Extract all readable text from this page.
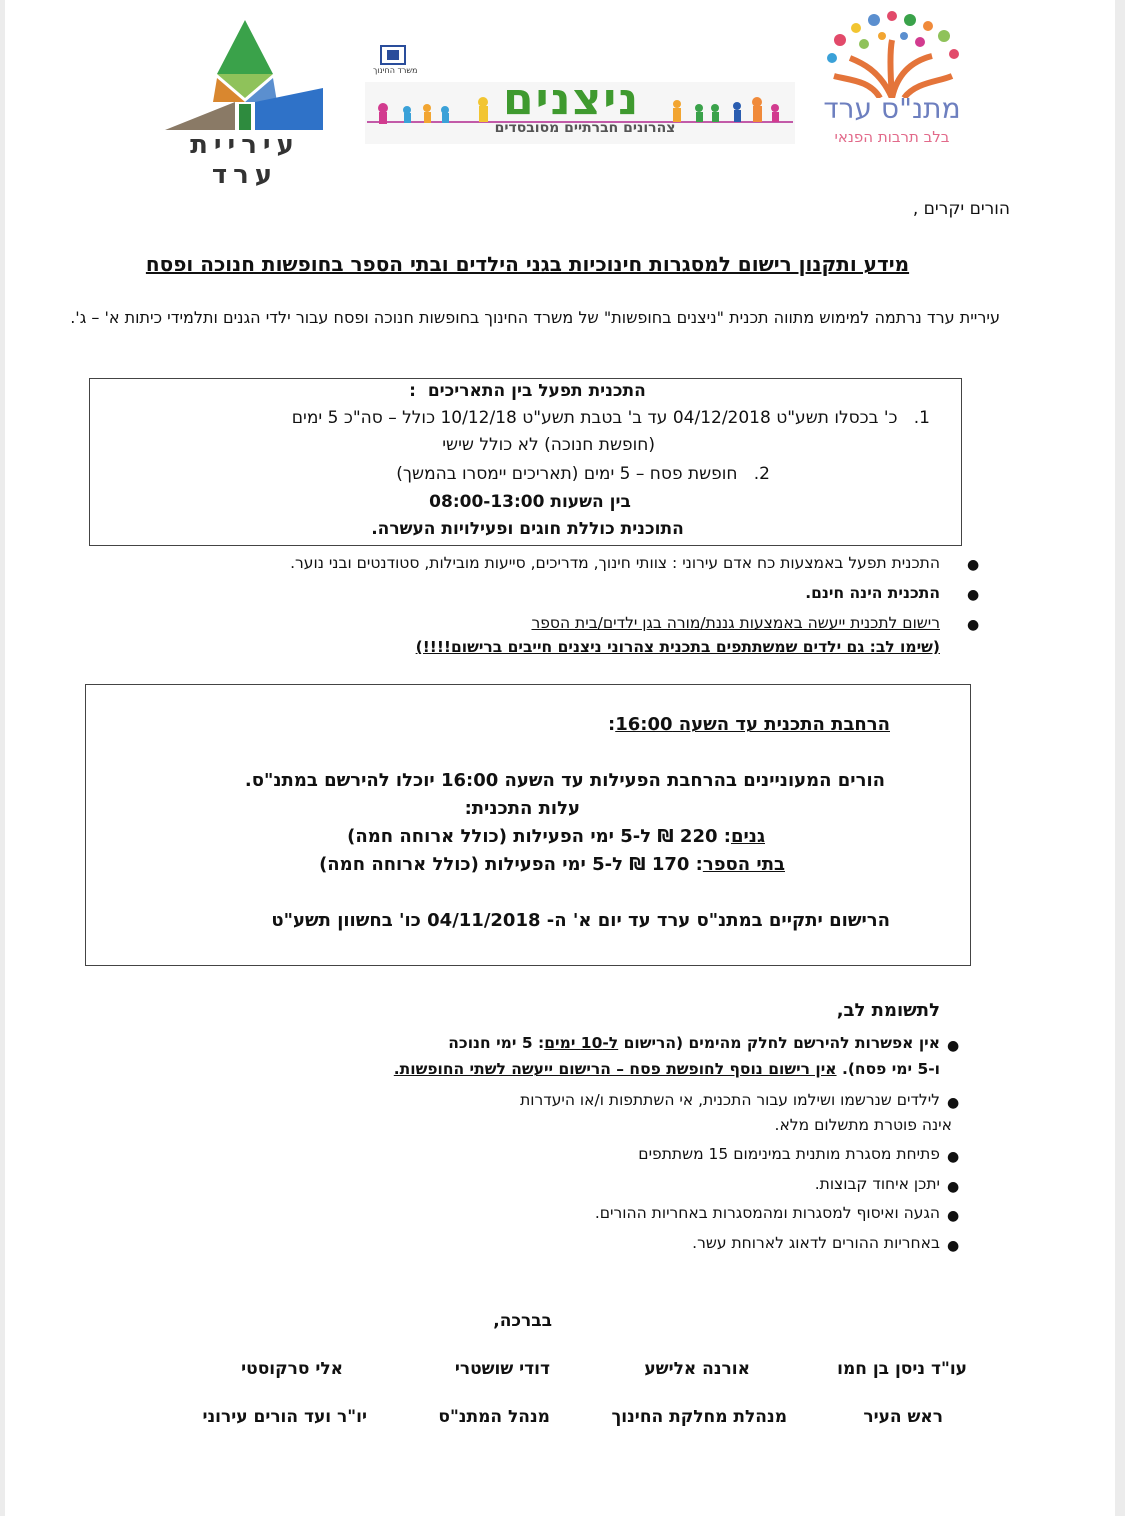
עיריית ערד
משרד החינוך
ניצנים
צהרונים חברתיים מסובסדים
מתנ"ס ערד
בלב תרבות הפנאי
הורים יקרים ,
מידע ותקנון רישום למסגרות חינוכיות בגני הילדים ובתי הספר בחופשות חנוכה ופסח
עיריית ערד נרתמה למימוש מתווה תכנית "ניצנים בחופשות" של משרד החינוך בחופשות חנוכה ופסח עבור ילדי הגנים ותלמידי כיתות א' – ג'.
התכנית תפעל בין התאריכים  :
1.   כ' בכסלו תשע"ט 04/12/2018 עד ב' בטבת תשע"ט 10/12/18 כולל – סה"כ 5 ימים
(חופשת חנוכה) לא כולל שישי
2.   חופשת פסח – 5 ימים (תאריכים יימסרו בהמשך)
בין השעות 08:00-13:00
התוכנית כוללת חוגים ופעילויות העשרה.
●
התכנית תפעל באמצעות כח אדם עירוני : צוותי חינוך, מדריכים, סייעות מובילות, סטודנטים ובני נוער.
●
התכנית הינה חינם.
●
רישום לתכנית ייעשה באמצעות גננת/מורה בגן ילדים/בית הספר
(שימו לב: גם ילדים שמשתתפים בתכנית צהרוני ניצנים חייבים ברישום!!!!)
הרחבת התכנית עד השעה 16:00:
הורים המעוניינים בהרחבת הפעילות עד השעה 16:00 יוכלו להירשם במתנ"ס.
עלות התכנית:
גנים: 220 ₪ ל-5 ימי הפעילות (כולל ארוחה חמה)
בתי הספר: 170 ₪ ל-5 ימי הפעילות (כולל ארוחה חמה)
הרישום יתקיים במתנ"ס ערד עד יום א' ה- 04/11/2018 כו' בחשוון תשע"ט
לתשומת לב,
●
אין אפשרות להירשם לחלק מהימים (הרישום ל-10 ימים: 5 ימי חנוכה
ו-5 ימי פסח). אין רישום נוסף לחופשת פסח – הרישום ייעשה לשתי החופשות.
●
לילדים שנרשמו ושילמו עבור התכנית, אי השתתפות ו/או היעדרות
אינה פוטרת מתשלום מלא.
●
פתיחת מסגרת מותנית במינימום 15 משתתפים
●
יתכן איחוד קבוצות.
●
הגעה ואיסוף למסגרות ומהמסגרות באחריות ההורים.
●
באחריות ההורים לדאוג לארוחת עשר.
בברכה,
עו"ד ניסן בן חמו
אורנה אלישע
דודי שושטרי
אלי סרקוסטי
ראש העיר
מנהלת מחלקת החינוך
מנהל המתנ"ס
יו"ר ועד הורים עירוני
